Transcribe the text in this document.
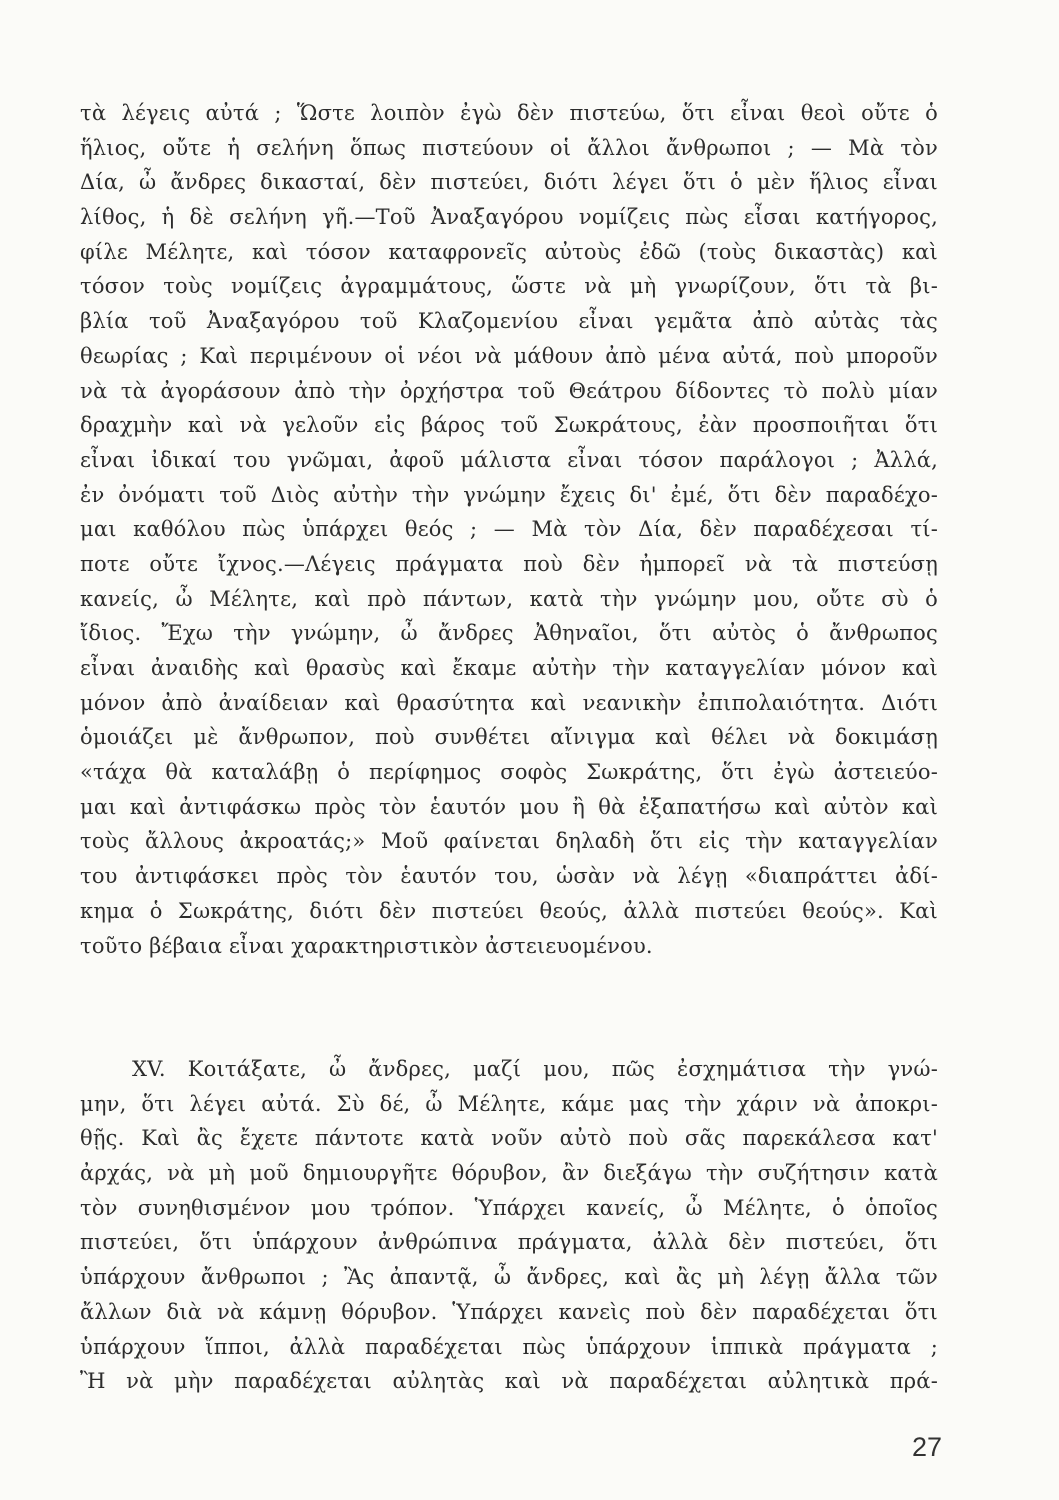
τὰ λέγεις αὐτά ; Ὥστε λοιπὸν ἐγὼ δὲν πιστεύω, ὅτι εἶναι θεοὶ οὔτε ὁ
ἥλιος, οὔτε ἡ σελήνη ὅπως πιστεύουν οἱ ἄλλοι ἄνθρωποι ; — Μὰ τὸν
Δία, ὦ ἄνδρες δικασταί, δὲν πιστεύει, διότι λέγει ὅτι ὁ μὲν ἥλιος εἶναι
λίθος, ἡ δὲ σελήνη γῆ.—Τοῦ Ἀναξαγόρου νομίζεις πὼς εἶσαι κατήγορος,
φίλε Μέλητε, καὶ τόσον καταφρονεῖς αὐτοὺς ἐδῶ (τοὺς δικαστὰς) καὶ
τόσον τοὺς νομίζεις ἀγραμμάτους, ὥστε νὰ μὴ γνωρίζουν, ὅτι τὰ βι-
βλία τοῦ Ἀναξαγόρου τοῦ Κλαζομενίου εἶναι γεμᾶτα ἀπὸ αὐτὰς τὰς
θεωρίας ; Καὶ περιμένουν οἱ νέοι νὰ μάθουν ἀπὸ μένα αὐτά, ποὺ μποροῦν
νὰ τὰ ἀγοράσουν ἀπὸ τὴν ὀρχήστρα τοῦ Θεάτρου δίδοντες τὸ πολὺ μίαν
δραχμὴν καὶ νὰ γελοῦν εἰς βάρος τοῦ Σωκράτους, ἐὰν προσποιῆται ὅτι
εἶναι ἰδικαί του γνῶμαι, ἀφοῦ μάλιστα εἶναι τόσον παράλογοι ; Ἀλλά,
ἐν ὀνόματι τοῦ Διὸς αὐτὴν τὴν γνώμην ἔχεις δι' ἐμέ, ὅτι δὲν παραδέχο-
μαι καθόλου πὼς ὑπάρχει θεός ; — Μὰ τὸν Δία, δὲν παραδέχεσαι τί-
ποτε οὔτε ἴχνος.—Λέγεις πράγματα ποὺ δὲν ἠμπορεῖ νὰ τὰ πιστεύσῃ
κανείς, ὦ Μέλητε, καὶ πρὸ πάντων, κατὰ τὴν γνώμην μου, οὔτε σὺ ὁ
ἴδιος. Ἔχω τὴν γνώμην, ὦ ἄνδρες Ἀθηναῖοι, ὅτι αὐτὸς ὁ ἄνθρωπος
εἶναι ἀναιδὴς καὶ θρασὺς καὶ ἔκαμε αὐτὴν τὴν καταγγελίαν μόνον καὶ
μόνον ἀπὸ ἀναίδειαν καὶ θρασύτητα καὶ νεανικὴν ἐπιπολαιότητα. Διότι
ὁμοιάζει μὲ ἄνθρωπον, ποὺ συνθέτει αἴνιγμα καὶ θέλει νὰ δοκιμάσῃ
«τάχα θὰ καταλάβῃ ὁ περίφημος σοφὸς Σωκράτης, ὅτι ἐγὼ ἀστειεύο-
μαι καὶ ἀντιφάσκω πρὸς τὸν ἑαυτόν μου ἢ θὰ ἐξαπατήσω καὶ αὐτὸν καὶ
τοὺς ἄλλους ἀκροατάς;» Μοῦ φαίνεται δηλαδὴ ὅτι εἰς τὴν καταγγελίαν
του ἀντιφάσκει πρὸς τὸν ἑαυτόν του, ὡσὰν νὰ λέγῃ «διαπράττει ἀδί-
κημα ὁ Σωκράτης, διότι δὲν πιστεύει θεούς, ἀλλὰ πιστεύει θεούς». Καὶ
τοῦτο βέβαια εἶναι χαρακτηριστικὸν ἀστειευομένου.
XV. Κοιτάξατε, ὦ ἄνδρες, μαζί μου, πῶς ἐσχημάτισα τὴν γνώ-
μην, ὅτι λέγει αὐτά. Σὺ δέ, ὦ Μέλητε, κάμε μας τὴν χάριν νὰ ἀποκρι-
θῇς. Καὶ ἂς ἔχετε πάντοτε κατὰ νοῦν αὐτὸ ποὺ σᾶς παρεκάλεσα κατ'
ἀρχάς, νὰ μὴ μοῦ δημιουργῆτε θόρυβον, ἂν διεξάγω τὴν συζήτησιν κατὰ
τὸν συνηθισμένον μου τρόπον. Ὑπάρχει κανείς, ὦ Μέλητε, ὁ ὁποῖος
πιστεύει, ὅτι ὑπάρχουν ἀνθρώπινα πράγματα, ἀλλὰ δὲν πιστεύει, ὅτι
ὑπάρχουν ἄνθρωποι ; Ἂς ἀπαντᾷ, ὦ ἄνδρες, καὶ ἂς μὴ λέγῃ ἄλλα τῶν
ἄλλων διὰ νὰ κάμνῃ θόρυβον. Ὑπάρχει κανεὶς ποὺ δὲν παραδέχεται ὅτι
ὑπάρχουν ἵπποι, ἀλλὰ παραδέχεται πὼς ὑπάρχουν ἱππικὰ πράγματα ;
Ἢ νὰ μὴν παραδέχεται αὐλητὰς καὶ νὰ παραδέχεται αὐλητικὰ πρά-
27
